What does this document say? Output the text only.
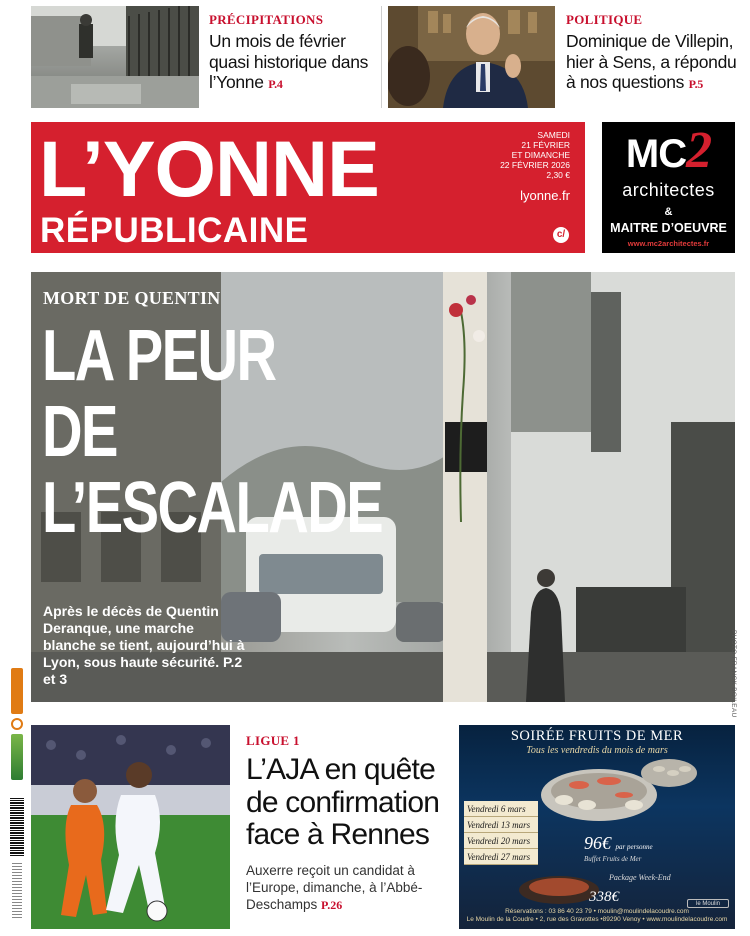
PRÉCIPITATIONS
Un mois de février quasi historique dans l’Yonne P.4
POLITIQUE
Dominique de Villepin, hier à Sens, a répondu à nos questions P.5
L’YONNE
RÉPUBLICAINE
SAMEDI
21 FÉVRIER
ET DIMANCHE
22 FÉVRIER 2026
2,30 €
lyonne.fr
c/
MC2
architectes
&
MAITRE D’OEUVRE
www.mc2architectes.fr
MORT DE QUENTIN
LA PEUR DE
L’ESCALADE
Après le décès de Quentin Deranque, une marche blanche se tient, aujourd’hui à Lyon, sous haute sécurité. P.2 et 3	PHOTO FRANCK BOILEAU
LIGUE 1
L’AJA en quête de confirmation face à Rennes
Auxerre reçoit un candidat à l’Europe, dimanche, à l’Abbé-Deschamps P.26
SOIRÉE FRUITS DE MER
Tous les vendredis du mois de mars
Vendredi 6 mars
Vendredi 13 mars
Vendredi 20 mars
Vendredi 27 mars
96€ par personne
Buffet Fruits de Mer
Package Week-End
338€	le Moulin
Réservations : 03 86 40 23 79 • moulin@moulindelacoudre.com
Le Moulin de la Coudre • 2, rue des Gravottes •89290 Venoy • www.moulindelacoudre.com
